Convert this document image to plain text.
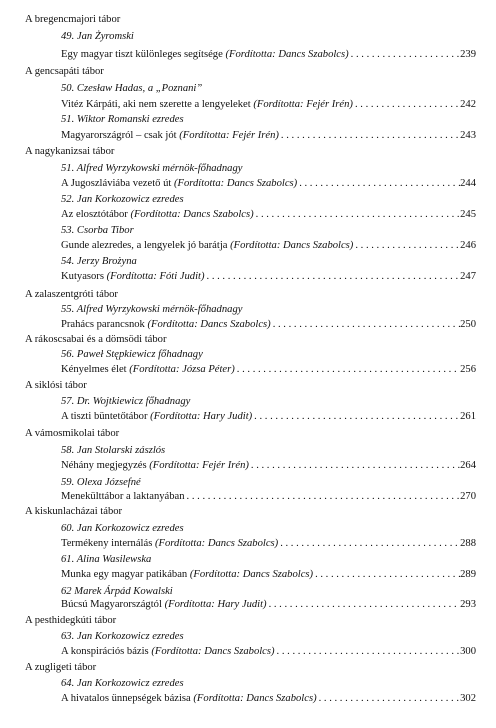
A bregencmajori tábor
49. Jan Żyromski
Egy magyar tiszt különleges segítsége (Fordította: Dancs Szabolcs) . . .	239
A gencsapáti tábor
50. Czesław Hadas, a „Poznani”
Vitéz Kárpáti, aki nem szerette a lengyeleket (Fordította: Fejér Irén) . . .	242
51. Wiktor Romanski ezredes
Magyarországról – csak jót (Fordította: Fejér Irén) . . .	243
A nagykanizsai tábor
51. Alfred Wyrzykowski mérnök-főhadnagy
A Jugoszláviába vezető út (Fordította: Dancs Szabolcs) . . .	244
52. Jan Korkozowicz ezredes
Az elosztótábor (Fordította: Dancs Szabolcs) . . .	245
53. Csorba Tibor
Gunde alezredes, a lengyelek jó barátja (Fordította: Dancs Szabolcs) . . .	246
54. Jerzy Brożyna
Kutyasors (Fordította: Fóti Judit) . . .	247
A zalaszentgróti tábor
55. Alfred Wyrzykowski mérnök-főhadnagy
Prahács parancsnok (Fordította: Dancs Szabolcs) . . .	250
A rákoscsabai és a dömsödi tábor
56. Paweł Stępkiewicz főhadnagy
Kényelmes élet (Fordította: Józsa Péter) . . .	256
A siklósi tábor
57. Dr. Wojtkiewicz főhadnagy
A tiszti büntetőtábor (Fordította: Hary Judit) . . .	261
A vámosmikolai tábor
58. Jan Stolarski zászlós
Néhány megjegyzés (Fordította: Fejér Irén) . . .	264
59. Olexa Józsefné
Menekülttábor a laktanyában . . .	270
A kiskunlacházai tábor
60. Jan Korkozowicz ezredes
Termékeny internálás (Fordította: Dancs Szabolcs) . . .	288
61. Alina Wasilewska
Munka egy magyar patikában (Fordította: Dancs Szabolcs) . . .	289
62 Marek Árpád Kowalski
Búcsú Magyarországtól (Fordította: Hary Judit) . . .	293
A pesthidegkúti tábor
63. Jan Korkozowicz ezredes
A konspirációs bázis (Fordította: Dancs Szabolcs) . . .	300
A zugligeti tábor
64. Jan Korkozowicz ezredes
A hivatalos ünnepségek bázisa (Fordította: Dancs Szabolcs) . . .	302
